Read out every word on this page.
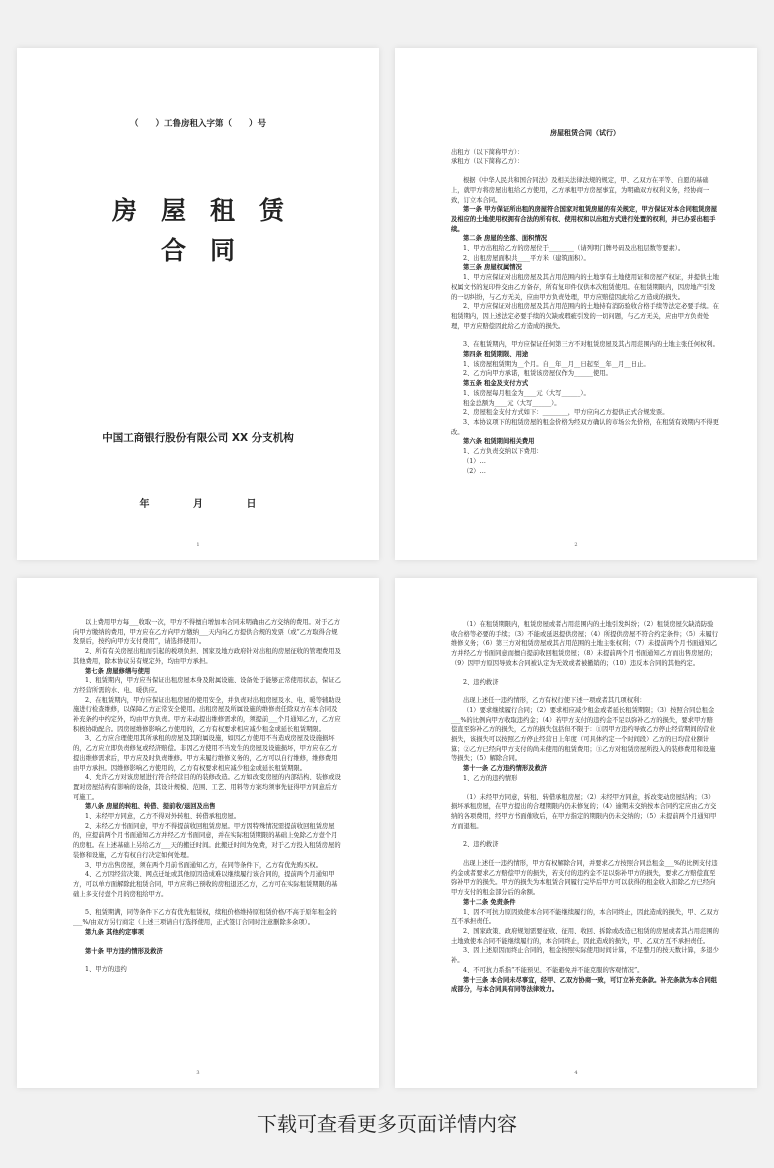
（　　）工鲁房租入字第（　　）号
房屋租赁
合同
中国工商银行股份有限公司 XX 分支机构
年 月 日
1

房屋租赁合同（试行）

出租方（以下简称甲方）：

承租方（以下简称乙方）：

根据《中华人民共和国合同法》及相关法律法规的规定，甲、乙双方在平等、自愿的基础上，就甲方将房屋出租给乙方使用，乙方承租甲方房屋事宜，为明确双方权利义务，经协商一致，订立本合同。

第一条 甲方保证所出租的房屋符合国家对租赁房屋的有关规定，甲方保证对本合同租赁房屋及相应的土地使用权拥有合法的所有权、使用权和以出租方式进行处置的权利，并已办妥出租手续。

第二条 房屋的坐落、面积情况

1、甲方出租给乙方的房屋位于________（请列明门牌号码及出租层数等要素）。

2、出租房屋面积共____平方米（建筑面积）。

第三条 房屋权属情况

1、甲方应保证对出租房屋及其占用范围内的土地享有土地使用证和房屋产权证，并提供土地权属文书的复印件交由乙方备存，所有复印件仅供本次租赁使用。在租赁期限内，因房地产引发的一切纠纷，与乙方无关，应由甲方负责处理，甲方应赔偿因此给乙方造成的损失。

2、甲方应保证对出租房屋及其占用范围内的土地持有消防验收合格手续等法定必要手续。在租赁期内，因上述法定必要手续的欠缺或瑕疵引发的一切问题，与乙方无关，应由甲方负责处理，甲方应赔偿因此给乙方造成的损失。

3、在租赁期内，甲方应保证任何第三方不对租赁房屋及其占用范围内的土地主张任何权利。

第四条 租赁期限、用途

1、该房屋租赁期为__个月。自__年__月__日起至__年__月__日止。

2、乙方向甲方承诺，租赁该房屋仅作为______使用。

第五条 租金及支付方式

1、该房屋每月租金为____元（大写______）。

租金总额为____元（大写______）。

2、房屋租金支付方式如下：________，甲方应向乙方提供正式合规发票。

3、本协议项下的租赁房屋的租金价格为经双方确认的市场公允价格，在租赁有效期内不得更改。

第六条 租赁期间相关费用

1、乙方负责交纳以下费用：

（1）…

（2）…

2

以上费用甲方每___收取一次，甲方不得擅自增加本合同未明确由乙方交纳的费用。对于乙方向甲方缴纳的费用，甲方应在乙方向甲方缴纳___天内向乙方提供合规的发票（或“乙方取得合规发票后，按约向甲方支付费用”，请选择使用）。

2、所有有关房屋出租而引起的税项负担、国家及地方政府针对出租的房屋征收的管理费用及其他费用，除本协议另有规定外，均由甲方承担。

第七条 房屋修缮与使用

1、租赁期内，甲方应当保证出租房屋本身及附属设施、设备处于能够正常使用状态，保证乙方经营所需的水、电、暖供应。

2、在租赁期内，甲方应保证出租房屋的使用安全，并负责对出租房屋及水、电、暖等辅助设施进行检查维修，以保障乙方正常安全使用。出租房屋及所属设施的维修责任除双方在本合同及补充条约中约定外，均由甲方负责。甲方未动提出维修需求的，须提前___个月通知乙方，乙方应积极协助配合。因房屋维修影响乙方使用的，乙方有权要求相应减少租金或延长租赁期限。

3、乙方应合理使用其所承租的房屋及其附属设施，如因乙方使用不当造成房屋及设施损坏的，乙方应立即负责修复或经济赔偿。非因乙方使用不当发生的房屋及设施损坏，甲方应在乙方提出维修需求后，甲方应及时负责维修。甲方未履行维修义务的，乙方可以自行维修，维修费用由甲方承担。因维修影响乙方使用的，乙方有权要求相应减少租金或延长租赁期限。

4、允许乙方对该房屋进行符合经营目的的装修改造。乙方如改变房屋的内部结构、装修或设置对房屋结构有影响的设备，其设计规模、范围、工艺、用料等方案均须事先征得甲方同意后方可施工。

第八条 房屋的转租、转借、提前收/退回及出售

1、未经甲方同意，乙方不得对外转租、转借承租房屋。

2、未经乙方书面同意，甲方不得提前收回租赁房屋。甲方因特殊情况需提前收回租赁房屋的，应提前两个月书面通知乙方并经乙方书面同意，并在实际租赁期限的基础上免除乙方壹个月的房租。在上述基础上另给乙方___天的搬迁时间。此搬迁时间为免费，对于乙方投入租赁房屋的装修和设施，乙方有权自行决定如何处理。

3、甲方出售房屋，须在两个月前书面通知乙方，在同等条件下，乙方有优先购买权。

4、乙方因经营决策、网点迁址或其他原因造成难以继续履行该合同的，提前两个月通知甲方，可以单方面解除此租赁合同，甲方应将已预收的房租退还乙方，乙方可在实际租赁期限的基础上多支付壹个月的房租给甲方。

5、租赁期满，同等条件下乙方有优先租赁权，续租价格维持原租赁价格/不高于原年租金的___%/由双方另行商定（上述三项请自行选择使用，正式签订合同时注意删除多余项）。

第九条 其他约定事项

第十条 甲方违约情形及救济

1、甲方的违约

3

（1）在租赁期限内，租赁房屋或者占用范围内的土地引发纠纷；（2）租赁房屋欠缺消防验收合格等必要的手续；（3）不能或延迟提供房屋；（4）所提供房屋不符合约定条件；（5）未履行维修义务；（6）第三方对租赁房屋或其占用范围的土地主张权利；（7）未提前两个月书面通知乙方并经乙方书面同意而擅自提前收回租赁房屋；（8）未提前两个月书面通知乙方而出售房屋的；（9）因甲方原因导致本合同被认定为无效或者被撤销的；（10）违反本合同的其他约定。

2、违约救济

出现上述任一违约情形，乙方有权行使下述一项或者其几项权利：

（1）要求继续履行合同；（2）要求相应减少租金或者延长租赁期限；（3）按照合同总租金___%的比例向甲方收取违约金；（4）若甲方支付的违约金不足以弥补乙方的损失，要求甲方赔偿直至弥补乙方的损失，乙方的损失包括但不限于：①因甲方违约导致乙方停止经营期间的营业损失，该损失可以按照乙方停止经营日上年度（可具体约定一个时间段）乙方的日均营业额计算；②乙方已经向甲方支付的尚未使用的租赁费用；③乙方对租赁房屋所投入的装修费用和设施等损失；（5）解除合同。

第十一条 乙方违约情形及救济

1、乙方的违约情形

（1）未经甲方同意，转租、转借承租房屋；（2）未经甲方同意，拆改变动房屋结构；（3）损坏承租房屋，在甲方提出的合理期限内仍未修复的；（4）逾期未交纳按本合同约定应由乙方交纳的各项费用，经甲方书面催收后，在甲方指定的期限内仍未交纳的；（5）未提前两个月通知甲方而退租。

2、违约救济

出现上述任一违约情形，甲方有权解除合同，并要求乙方按照合同总租金___%的比例支付违约金或者要求乙方赔偿甲方的损失，若支付的违约金不足以弥补甲方的损失，要求乙方赔偿直至弥补甲方的损失。甲方的损失为本租赁合同履行完毕后甲方可以获得的租金收入扣除乙方已经向甲方支付的租金部分后的余额。

第十二条 免责条件

1、因不可抗力原因致使本合同不能继续履行的，本合同终止，因此造成的损失，甲、乙双方互不承担责任。

2、国家政策、政府规划需要征收、征用、收回、拆除或改造已租赁的房屋或者其占用范围的土地致使本合同不能继续履行的，本合同终止，因此造成的损失，甲、乙双方互不承担责任。

3、因上述原因而终止合同的，租金按照实际使用时间计算，不足整月的按天数计算，多退少补。

4、不可抗力系指“不能预见、不能避免并不能克服的客观情况”。

第十三条 本合同未尽事宜，经甲、乙双方协商一致，可订立补充条款。补充条款为本合同组成部分，与本合同具有同等法律效力。

4
下载可查看更多页面详情内容
